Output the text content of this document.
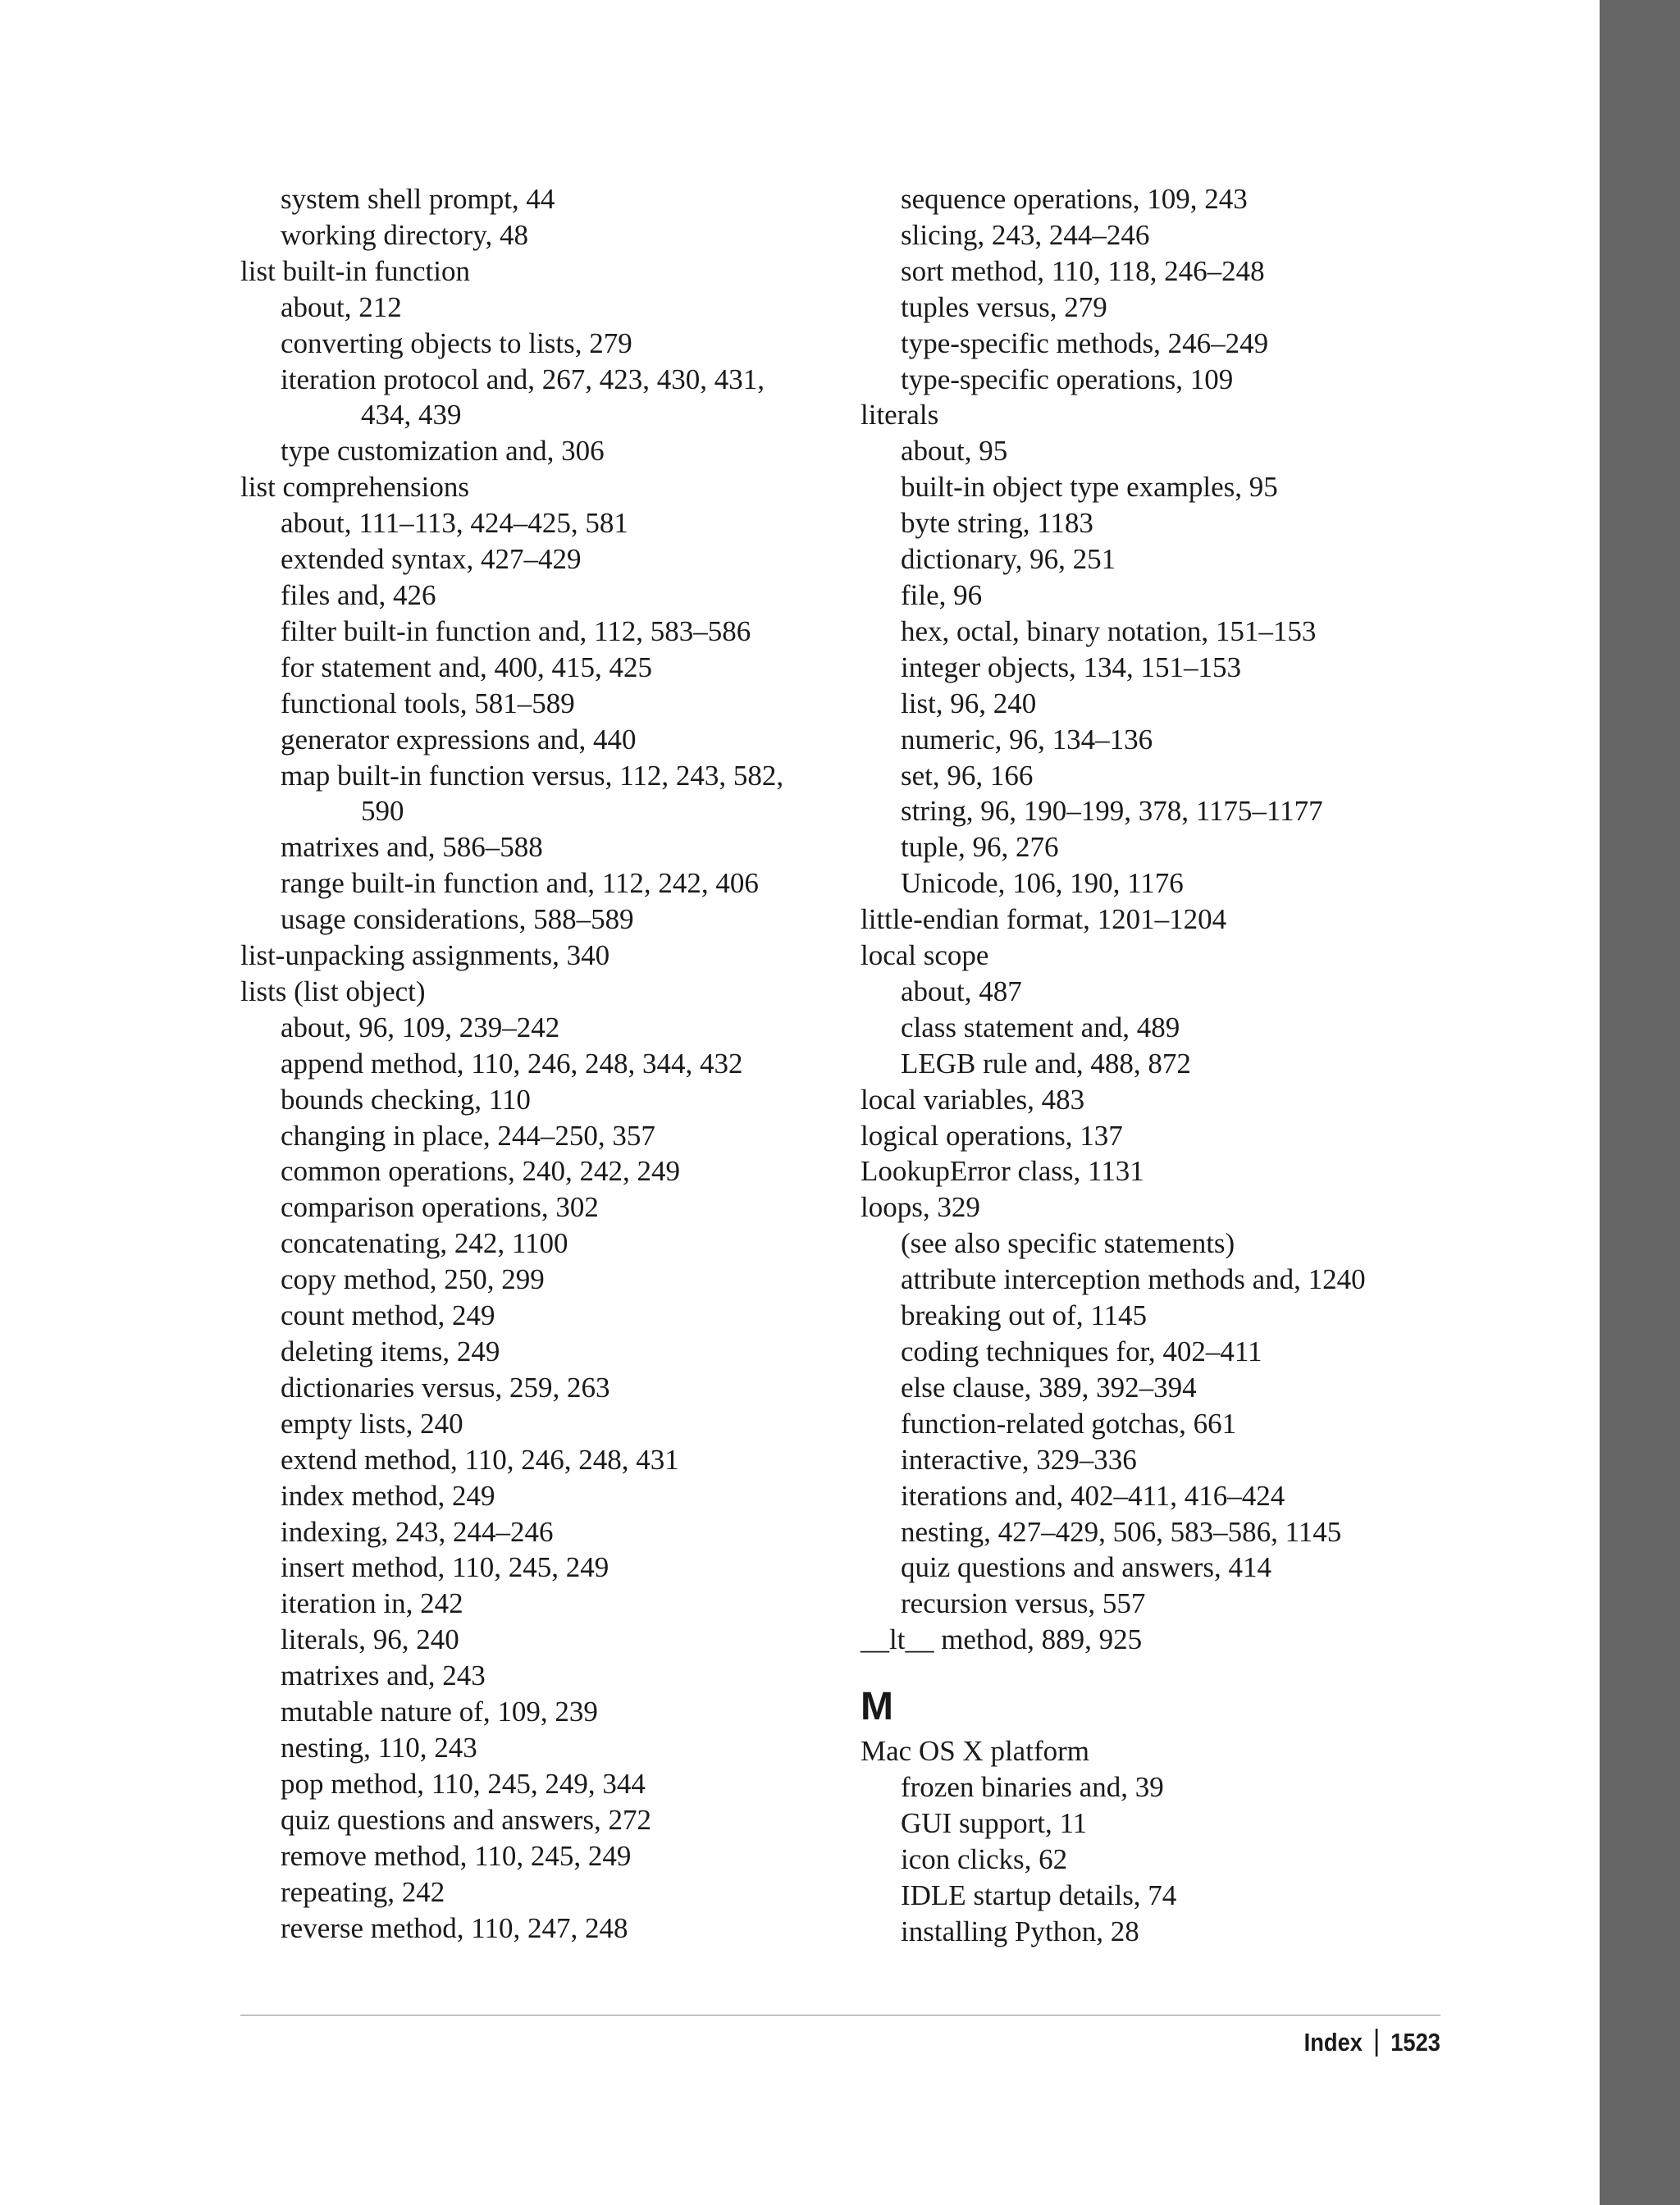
system shell prompt, 44
working directory, 48
list built-in function
about, 212
converting objects to lists, 279
iteration protocol and, 267, 423, 430, 431,
434, 439
type customization and, 306
list comprehensions
about, 111–113, 424–425, 581
extended syntax, 427–429
files and, 426
filter built-in function and, 112, 583–586
for statement and, 400, 415, 425
functional tools, 581–589
generator expressions and, 440
map built-in function versus, 112, 243, 582,
590
matrixes and, 586–588
range built-in function and, 112, 242, 406
usage considerations, 588–589
list-unpacking assignments, 340
lists (list object)
about, 96, 109, 239–242
append method, 110, 246, 248, 344, 432
bounds checking, 110
changing in place, 244–250, 357
common operations, 240, 242, 249
comparison operations, 302
concatenating, 242, 1100
copy method, 250, 299
count method, 249
deleting items, 249
dictionaries versus, 259, 263
empty lists, 240
extend method, 110, 246, 248, 431
index method, 249
indexing, 243, 244–246
insert method, 110, 245, 249
iteration in, 242
literals, 96, 240
matrixes and, 243
mutable nature of, 109, 239
nesting, 110, 243
pop method, 110, 245, 249, 344
quiz questions and answers, 272
remove method, 110, 245, 249
repeating, 242
reverse method, 110, 247, 248
sequence operations, 109, 243
slicing, 243, 244–246
sort method, 110, 118, 246–248
tuples versus, 279
type-specific methods, 246–249
type-specific operations, 109
literals
about, 95
built-in object type examples, 95
byte string, 1183
dictionary, 96, 251
file, 96
hex, octal, binary notation, 151–153
integer objects, 134, 151–153
list, 96, 240
numeric, 96, 134–136
set, 96, 166
string, 96, 190–199, 378, 1175–1177
tuple, 96, 276
Unicode, 106, 190, 1176
little-endian format, 1201–1204
local scope
about, 487
class statement and, 489
LEGB rule and, 488, 872
local variables, 483
logical operations, 137
LookupError class, 1131
loops, 329
(see also specific statements)
attribute interception methods and, 1240
breaking out of, 1145
coding techniques for, 402–411
else clause, 389, 392–394
function-related gotchas, 661
interactive, 329–336
iterations and, 402–411, 416–424
nesting, 427–429, 506, 583–586, 1145
quiz questions and answers, 414
recursion versus, 557
__lt__ method, 889, 925
M
Mac OS X platform
frozen binaries and, 39
GUI support, 11
icon clicks, 62
IDLE startup details, 74
installing Python, 28
Index 1523
